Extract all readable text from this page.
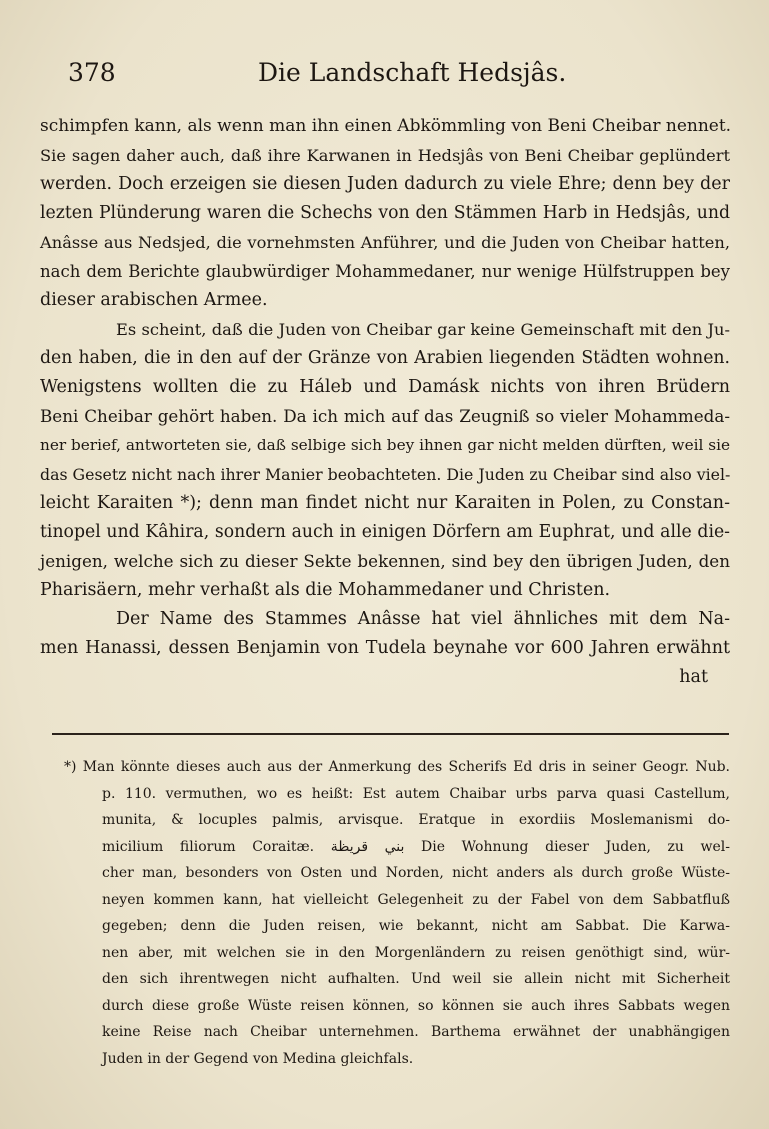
378	Die Landschaft Hedsjâs.
schimpfen kann, als wenn man ihn einen Abkömmling von Beni Cheibar nennet.
Sie sagen daher auch, daß ihre Karwanen in Hedsjâs von Beni Cheibar geplündert
werden. Doch erzeigen sie diesen Juden dadurch zu viele Ehre; denn bey der
lezten Plünderung waren die Schechs von den Stämmen Harb in Hedsjâs, und
Anâsse aus Nedsjed, die vornehmsten Anführer, und die Juden von Cheibar hatten,
nach dem Berichte glaubwürdiger Mohammedaner, nur wenige Hülfstruppen bey
dieser arabischen Armee.
Es scheint, daß die Juden von Cheibar gar keine Gemeinschaft mit den Ju-
den haben, die in den auf der Gränze von Arabien liegenden Städten wohnen.
Wenigstens wollten die zu Háleb und Damásk nichts von ihren Brüdern
Beni Cheibar gehört haben. Da ich mich auf das Zeugniß so vieler Mohammeda-
ner berief, antworteten sie, daß selbige sich bey ihnen gar nicht melden dürften, weil sie
das Gesetz nicht nach ihrer Manier beobachteten. Die Juden zu Cheibar sind also viel-
leicht Karaiten *); denn man findet nicht nur Karaiten in Polen, zu Constan-
tinopel und Kâhira, sondern auch in einigen Dörfern am Euphrat, und alle die-
jenigen, welche sich zu dieser Sekte bekennen, sind bey den übrigen Juden, den
Pharisäern, mehr verhaßt als die Mohammedaner und Christen.
Der Name des Stammes Anâsse hat viel ähnliches mit dem Na-
men Hanassi, dessen Benjamin von Tudela beynahe vor 600 Jahren erwähnt
hat
*) Man könnte dieses auch aus der Anmerkung des Scherifs Ed dris in seiner Geogr. Nub.
p. 110. vermuthen, wo es heißt: Est autem Chaibar urbs parva quasi Castellum,
munita, & locuples palmis, arvisque. Eratque in exordiis Moslemanismi do-
micilium filiorum Coraitæ. بني قريظة Die Wohnung dieser Juden, zu wel-
cher man, besonders von Osten und Norden, nicht anders als durch große Wüste-
neyen kommen kann, hat vielleicht Gelegenheit zu der Fabel von dem Sabbatfluß
gegeben; denn die Juden reisen, wie bekannt, nicht am Sabbat. Die Karwa-
nen aber, mit welchen sie in den Morgenländern zu reisen genöthigt sind, wür-
den sich ihrentwegen nicht aufhalten. Und weil sie allein nicht mit Sicherheit
durch diese große Wüste reisen können, so können sie auch ihres Sabbats wegen
keine Reise nach Cheibar unternehmen. Barthema erwähnet der unabhängigen
Juden in der Gegend von Medina gleichfals.
